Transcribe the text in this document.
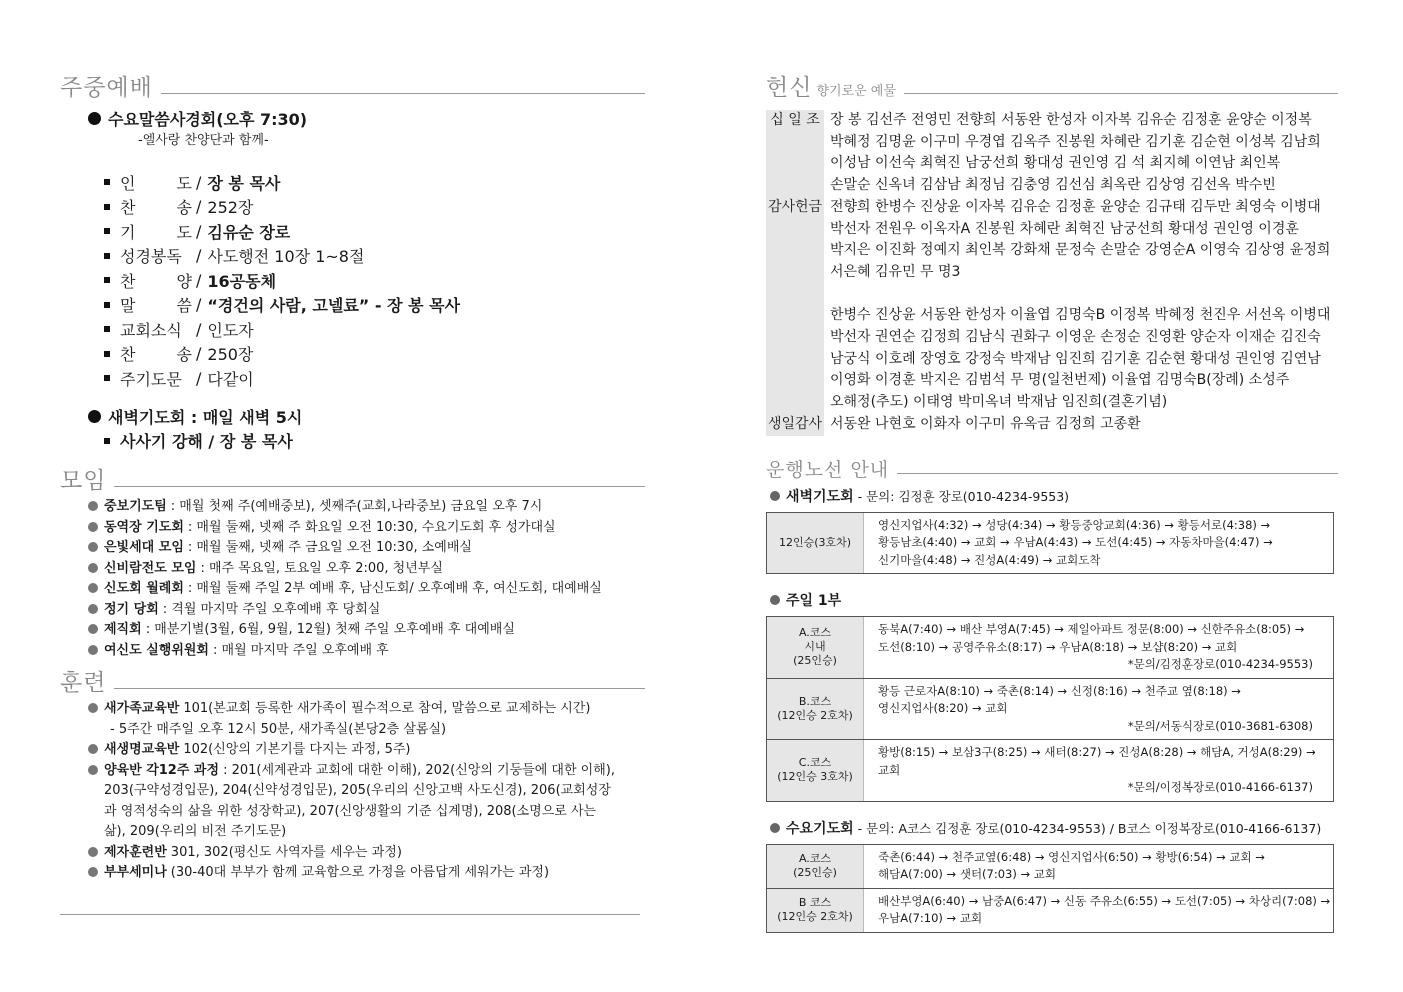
주중예배
수요말씀사경회(오후 7:30)
-엘사랑 찬양단과 함께-
인 도 / 장 봉 목사
찬 송 / 252장
기 도 / 김유순 장로
성경봉독 / 사도행전 10장 1~8절
찬 양 / 16공동체
말 씀 / “경건의 사람, 고넬료” - 장 봉 목사
교회소식 / 인도자
찬 송 / 250장
주기도문 / 다같이
새벽기도회 : 매일 새벽 5시
사사기 강해 / 장 봉 목사
모임
중보기도팀 : 매월 첫째 주(예배중보), 셋째주(교회,나라중보) 금요일 오후 7시
동역장 기도회 : 매월 둘째, 넷째 주 화요일 오전 10:30, 수요기도회 후 성가대실
은빛세대 모임 : 매월 둘째, 넷째 주 금요일 오전 10:30, 소예배실
신비람전도 모임 : 매주 목요일, 토요일 오후 2:00, 청년부실
신도회 월례회 : 매월 둘째 주일 2부 예배 후, 남신도회/ 오후예배 후, 여신도회, 대예배실
정기 당회 : 격월 마지막 주일 오후예배 후 당회실
제직회 : 매분기별(3월, 6월, 9월, 12월) 첫째 주일 오후예배 후 대예배실
여신도 실행위원회 : 매월 마지막 주일 오후예배 후
훈련
새가족교육반 101(본교회 등록한 새가족이 필수적으로 참여, 말씀으로 교제하는 시간)
- 5주간 매주일 오후 12시 50분, 새가족실(본당2층 살롬실)
새생명교육반 102(신앙의 기본기를 다지는 과정, 5주)
양육반 각12주 과정 : 201(세계관과 교회에 대한 이해), 202(신앙의 기둥들에 대한 이해),
203(구약성경입문), 204(신약성경입문), 205(우리의 신앙고백 사도신경), 206(교회성장
과 영적성숙의 삶을 위한 성장학교), 207(신앙생활의 기준 십계명), 208(소명으로 사는
삶), 209(우리의 비전 주기도문)
제자훈련반 301, 302(평신도 사역자를 세우는 과정)
부부세미나 (30-40대 부부가 함께 교육함으로 가정을 아름답게 세워가는 과정)
헌신 향기로운 예물
십 일 조 장 봉 김선주 전영민 전향희 서동완 한성자 이자복 김유순 김정훈 윤양순 이정복
박혜정 김명윤 이구미 우경엽 김옥주 진봉원 차혜란 김기훈 김순현 이성복 김남희
이성남 이선숙 최혁진 남궁선희 황대성 권인영 김 석 최지혜 이연남 최인복
손말순 신옥녀 김삼남 최정님 김충영 김선심 최옥란 김상영 김선옥 박수빈
감사헌금 전향희 한병수 진상윤 이자복 김유순 김정훈 윤양순 김규태 김두만 최영숙 이병대
박선자 전원우 이옥자A 진봉원 차혜란 최혁진 남궁선희 황대성 권인영 이경훈
박지은 이진화 정예지 최인복 강화채 문정숙 손말순 강영순A 이영숙 김상영 윤정희
서은혜 김유민 무 명3
한병수 진상윤 서동완 한성자 이율엽 김명숙B 이정복 박혜정 천진우 서선옥 이병대
박선자 권연순 김정희 김남식 권화구 이영운 손정순 진영환 양순자 이재순 김진숙
남궁식 이호례 장영호 강정숙 박재남 임진희 김기훈 김순현 황대성 권인영 김연남
이영화 이경훈 박지은 김범석 무 명(일천번제) 이율엽 김명숙B(장례) 소성주
오해정(추도) 이태영 박미옥녀 박재남 임진희(결혼기념)
생일감사 서동완 나현호 이화자 이구미 유옥금 김정희 고종환
운행노선 안내
새벽기도회 - 문의: 김정훈 장로(010-4234-9553)
12인승(3호차)
영신지업사(4:32) → 성당(4:34) → 황등중앙교회(4:36) → 황등서로(4:38) →
황등남초(4:40) → 교회 → 우남A(4:43) → 도선(4:45) → 자동차마을(4:47) →
신기마을(4:48) → 진성A(4:49) → 교회도착
주일 1부
A.코스
시내
(25인승)
동북A(7:40) → 배산 부영A(7:45) → 제일아파트 정문(8:00) → 신한주유소(8:05) →
도선(8:10) → 공영주유소(8:17) → 우남A(8:18) → 보샵(8:20) → 교회
*문의/김정훈장로(010-4234-9553)
B.코스
(12인승 2호차)
황등 근로자A(8:10) → 죽촌(8:14) → 신정(8:16) → 천주교 옆(8:18) →
영신지업사(8:20) → 교회
*문의/서동식장로(010-3681-6308)
C.코스
(12인승 3호차)
황방(8:15) → 보삼3구(8:25) → 새터(8:27) → 진성A(8:28) → 해담A, 거성A(8:29) →
교회
*문의/이정복장로(010-4166-6137)
수요기도회 - 문의: A코스 김정훈 장로(010-4234-9553) / B코스 이정복장로(010-4166-6137)
A.코스
(25인승)
죽촌(6:44) → 천주교옆(6:48) → 영신지업사(6:50) → 황방(6:54) → 교회 →
해담A(7:00) → 샛터(7:03) → 교회
B 코스
(12인승 2호차)
배산부영A(6:40) → 남중A(6:47) → 신동 주유소(6:55) → 도선(7:05) → 차상리(7:08) →
우남A(7:10) → 교회
